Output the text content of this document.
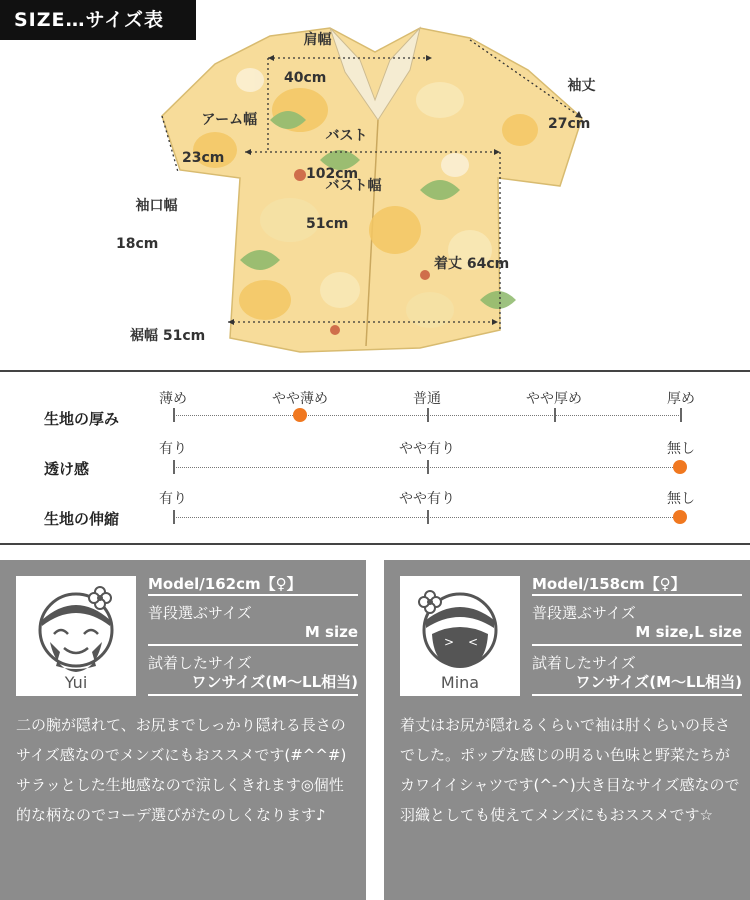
SIZE…サイズ表

肩幅

40cm

	袖丈

27cm

アーム幅

23cm

バスト

102cm

バスト幅

51cm

袖口幅

18cm

着丈 64cm
裾幅 51cm
生地の厚み
薄め	やや薄め	普通	やや厚め	厚め
透け感
有り	やや有り	無し
生地の伸縮
有り	やや有り	無し
Yui
Model/162cm【♀】
普段選ぶサイズ
M size
試着したサイズ
ワンサイズ(M〜LL相当)
二の腕が隠れて、お尻までしっかり隠れる長さのサイズ感なのでメンズにもおススメです(#^^#)サラッとした生地感なので涼しくきれます◎個性的な柄なのでコーデ選びがたのしくなります♪
> <
Mina
Model/158cm【♀】
普段選ぶサイズ
M size,L size
試着したサイズ
ワンサイズ(M〜LL相当)
着丈はお尻が隠れるくらいで袖は肘くらいの長さでした。ポップな感じの明るい色味と野菜たちがカワイイシャツです(^-^)大き目なサイズ感なので羽織としても使えてメンズにもおススメです☆
